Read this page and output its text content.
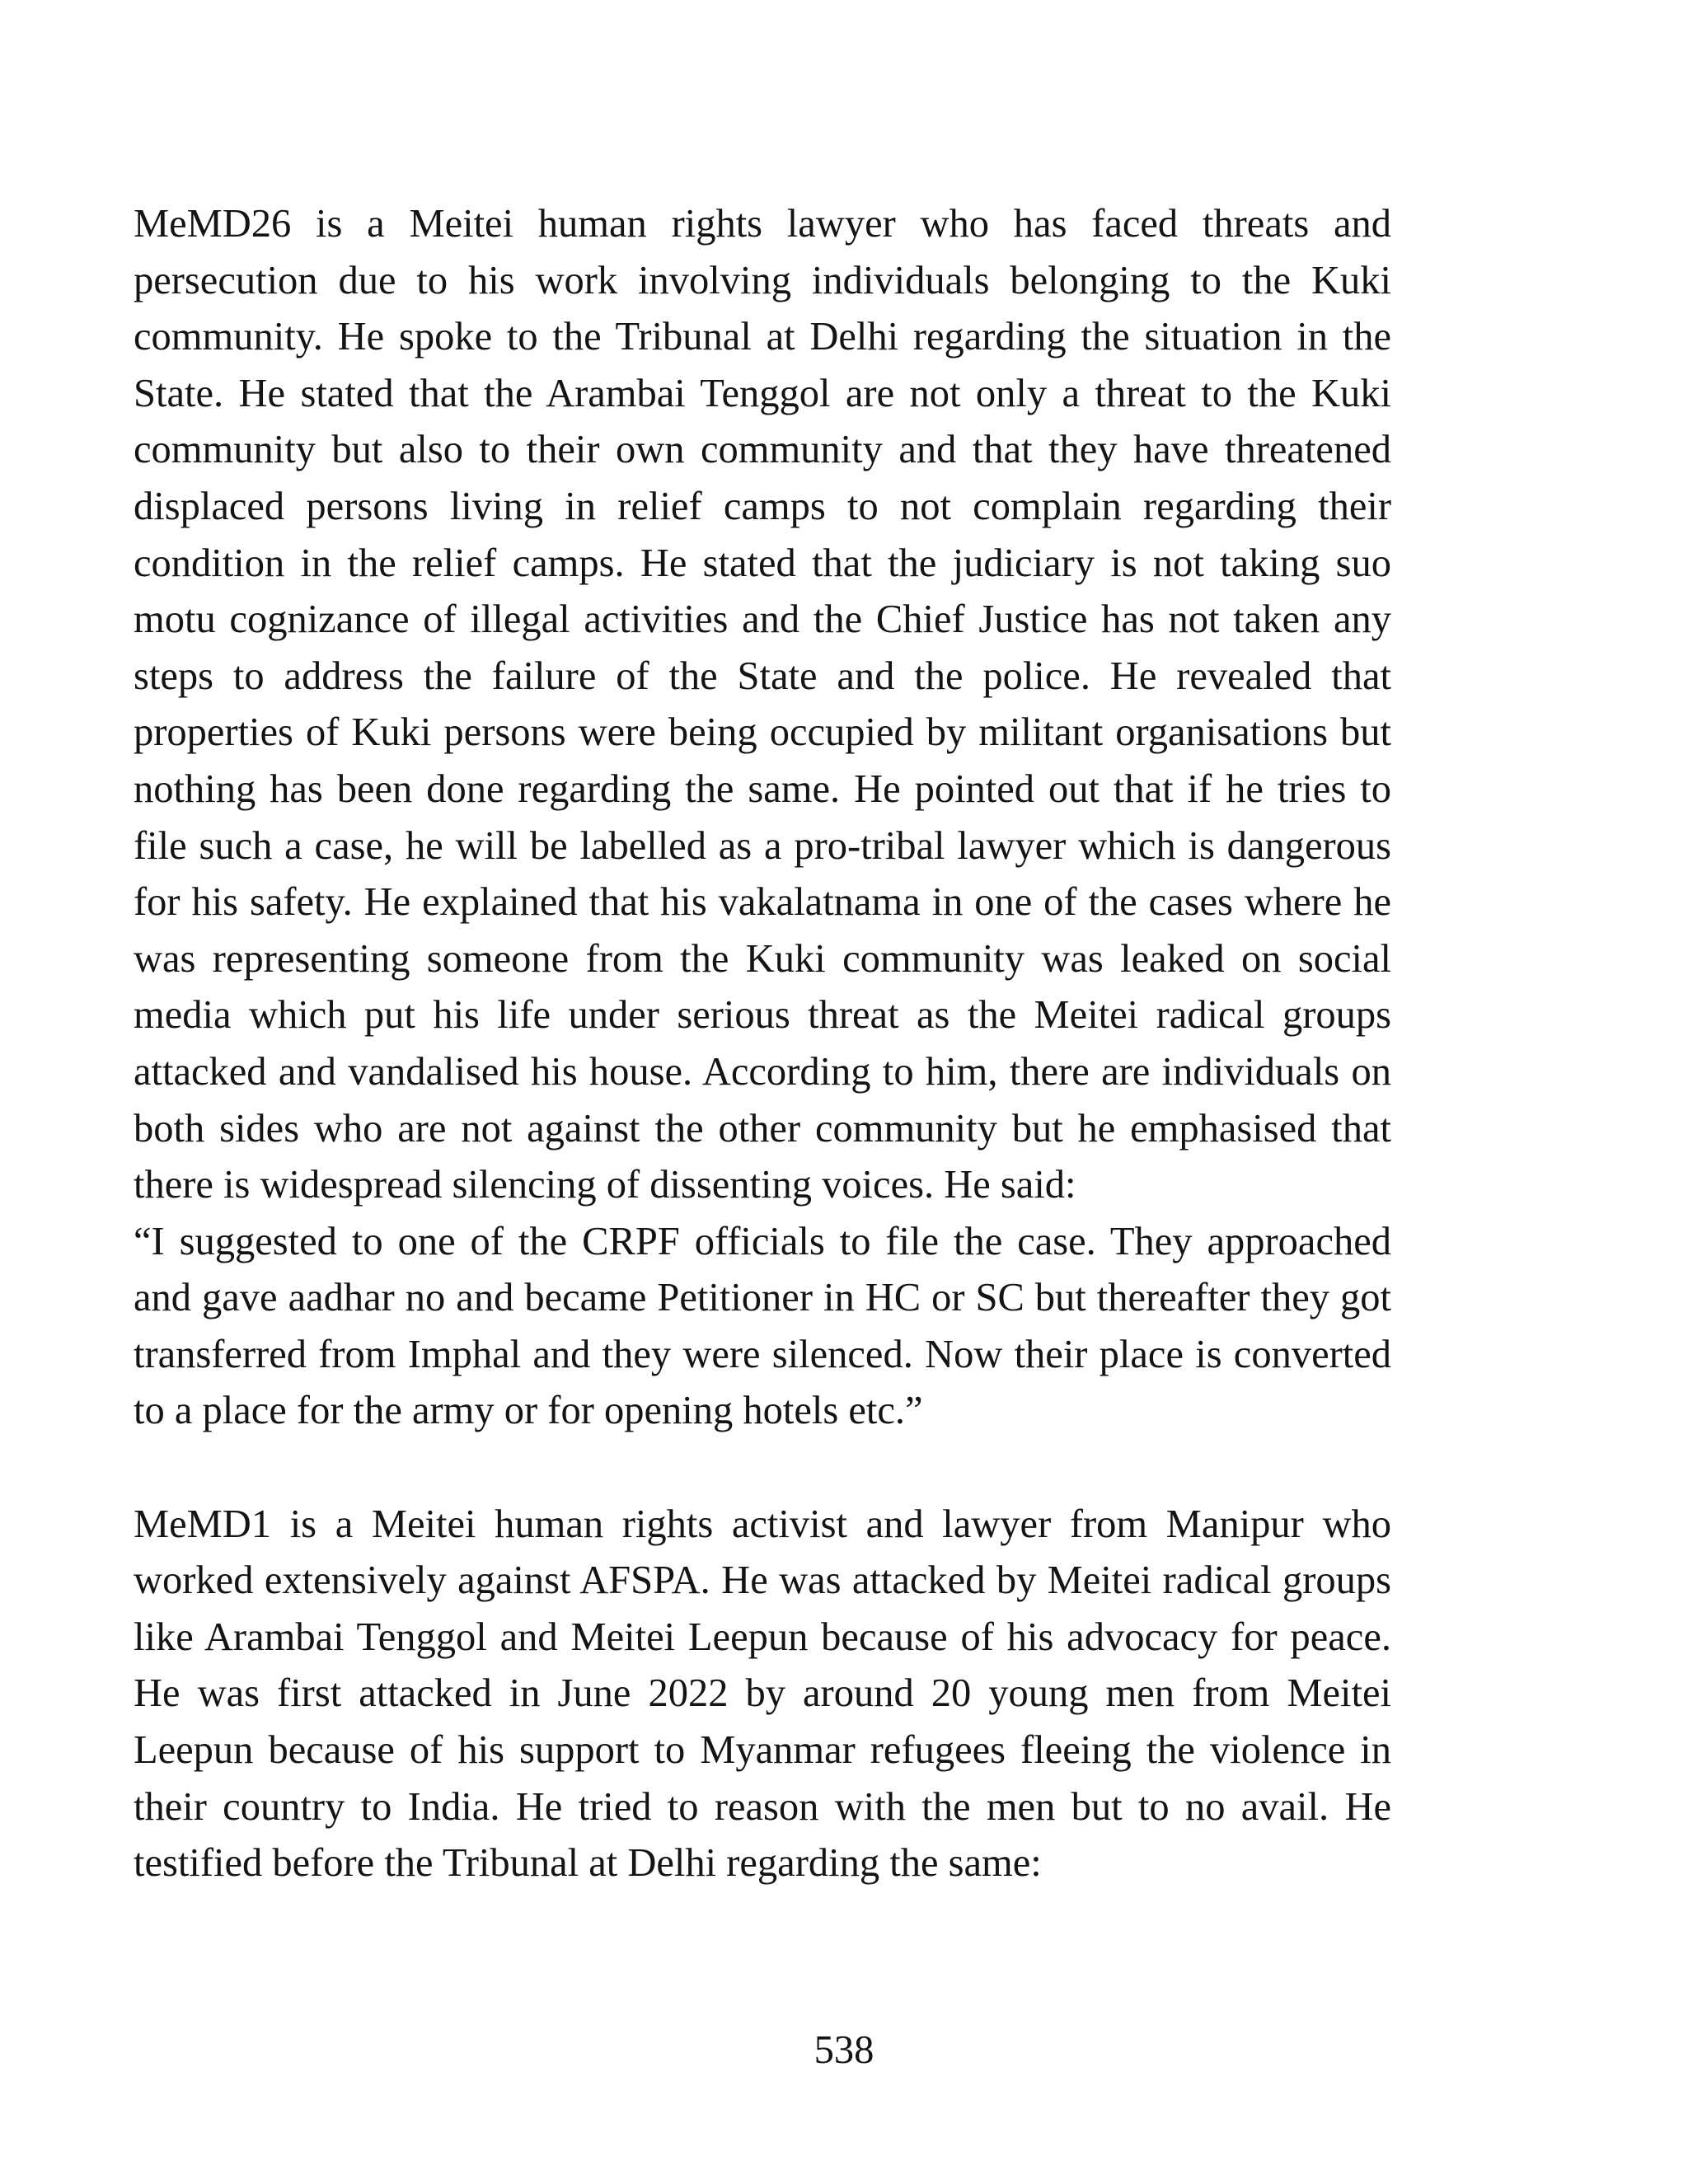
MeMD26 is a Meitei human rights lawyer who has faced threats and persecution due to his work involving individuals belonging to the Kuki community. He spoke to the Tribunal at Delhi regarding the situation in the State. He stated that the Arambai Tenggol are not only a threat to the Kuki community but also to their own community and that they have threatened displaced persons living in relief camps to not complain regarding their condition in the relief camps. He stated that the judiciary is not taking suo motu cognizance of illegal activities and the Chief Justice has not taken any steps to address the failure of the State and the police. He revealed that properties of Kuki persons were being occupied by militant organisations but nothing has been done regarding the same. He pointed out that if he tries to file such a case, he will be labelled as a pro-tribal lawyer which is dangerous for his safety. He explained that his vakalatnama in one of the cases where he was representing someone from the Kuki community was leaked on social media which put his life under serious threat as the Meitei radical groups attacked and vandalised his house. According to him, there are individuals on both sides who are not against the other community but he emphasised that there is widespread silencing of dissenting voices. He said:

“I suggested to one of the CRPF officials to file the case. They approached and gave aadhar no and became Petitioner in HC or SC but thereafter they got transferred from Imphal and they were silenced. Now their place is converted to a place for the army or for opening hotels etc.”

MeMD1 is a Meitei human rights activist and lawyer from Manipur who worked extensively against AFSPA. He was attacked by Meitei radical groups like Arambai Tenggol and Meitei Leepun because of his advocacy for peace. He was first attacked in June 2022 by around 20 young men from Meitei Leepun because of his support to Myanmar refugees fleeing the violence in their country to India. He tried to reason with the men but to no avail. He testified before the Tribunal at Delhi regarding the same:

538
